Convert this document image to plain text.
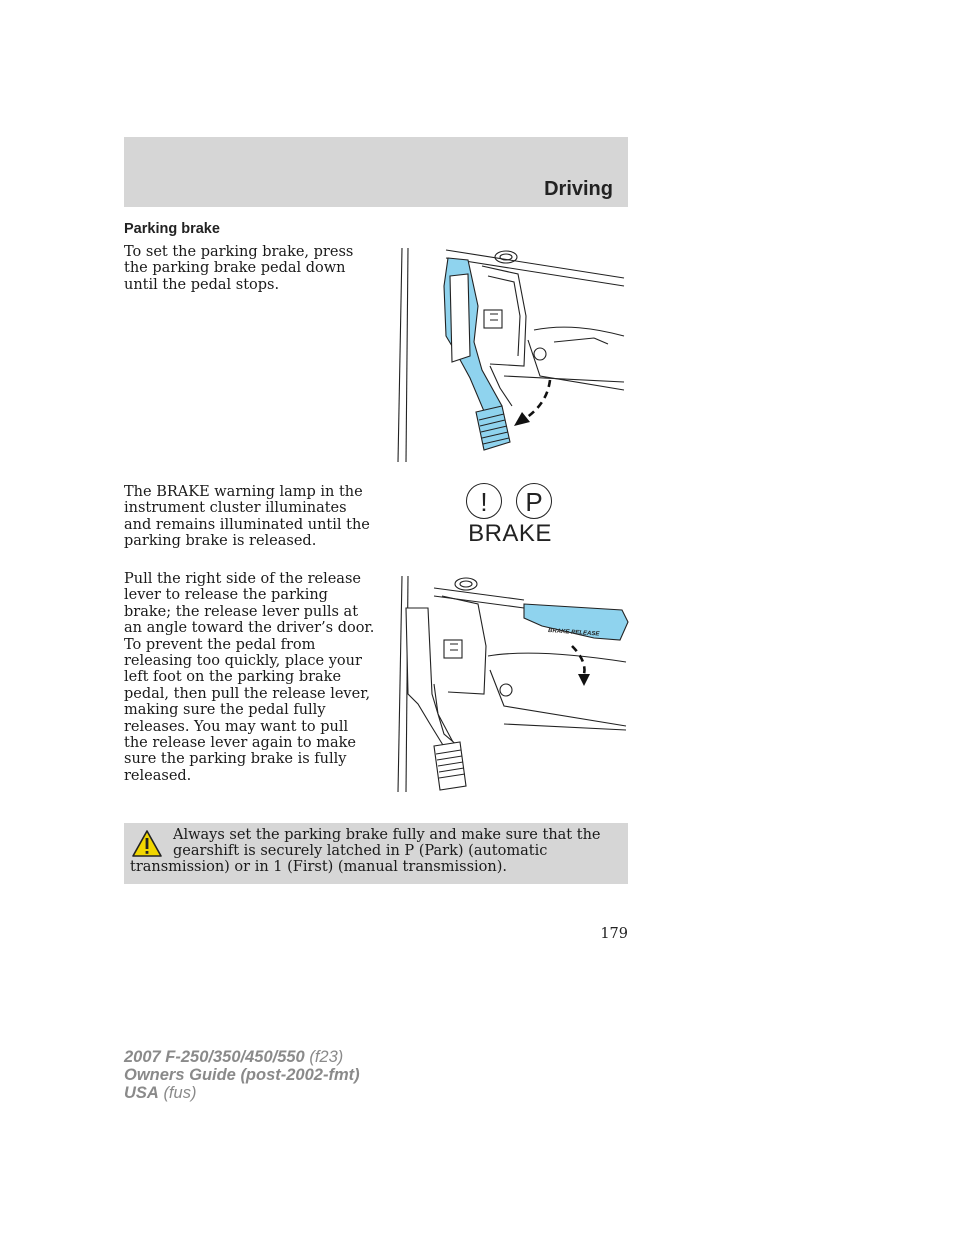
Driving
Parking brake
To set the parking brake, press the parking brake pedal down until the pedal stops.
The BRAKE warning lamp in the instrument cluster illuminates and remains illuminated until the parking brake is released.
!	P
BRAKE
Pull the right side of the release lever to release the parking brake; the release lever pulls at an angle toward the driver’s door. To prevent the pedal from releasing too quickly, place your left foot on the parking brake pedal, then pull the release lever, making sure the pedal fully releases. You may want to pull the release lever again to make sure the parking brake is fully released.
BRAKE RELEASE
Always set the parking brake fully and make sure that the gearshift is securely latched in P (Park) (automatic transmission) or in 1 (First) (manual transmission).
179
2007 F-250/350/450/550 (f23)
Owners Guide (post-2002-fmt)
USA (fus)
